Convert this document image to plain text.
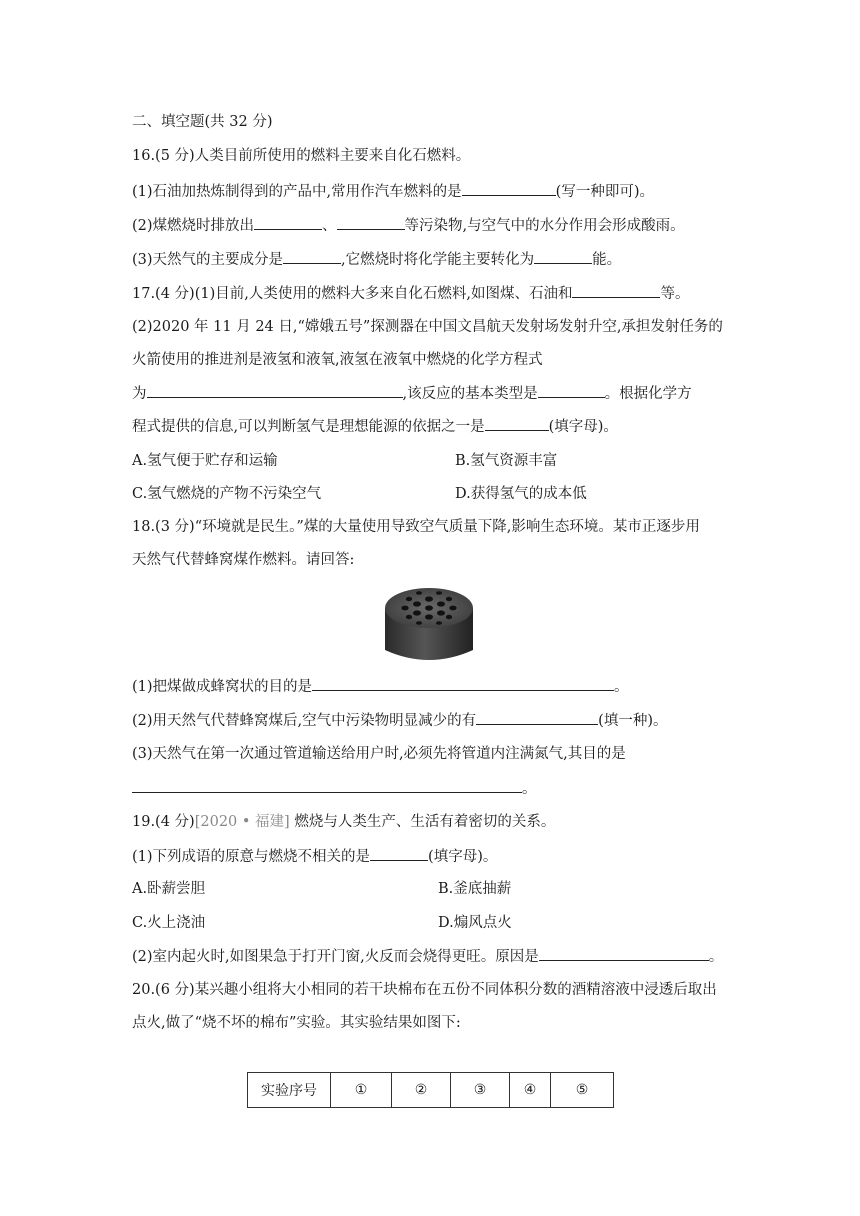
二、填空题(共 32 分)
16.(5 分)人类目前所使用的燃料主要来自化石燃料。
(1)石油加热炼制得到的产品中,常用作汽车燃料的是	(写一种即可)。
(2)煤燃烧时排放出	、	等污染物,与空气中的水分作用会形成酸雨。
(3)天然气的主要成分是	,它燃烧时将化学能主要转化为	能。
17.(4 分)(1)目前,人类使用的燃料大多来自化石燃料,如图煤、石油和	等。
(2)2020 年 11 月 24 日,“嫦娥五号”探测器在中国文昌航天发射场发射升空,承担发射任务的
火箭使用的推进剂是液氢和液氧,液氢在液氧中燃烧的化学方程式
为	,该反应的基本类型是	。根据化学方
程式提供的信息,可以判断氢气是理想能源的依据之一是	(填字母)。
A.氢气便于贮存和运输	B.氢气资源丰富
C.氢气燃烧的产物不污染空气	D.获得氢气的成本低
18.(3 分)“环境就是民生。”煤的大量使用导致空气质量下降,影响生态环境。某市正逐步用
天然气代替蜂窝煤作燃料。请回答:
(1)把煤做成蜂窝状的目的是	。
(2)用天然气代替蜂窝煤后,空气中污染物明显减少的有	(填一种)。
(3)天然气在第一次通过管道输送给用户时,必须先将管道内注满氮气,其目的是
。
19.(4 分)[2020 • 福建] 燃烧与人类生产、生活有着密切的关系。
(1)下列成语的原意与燃烧不相关的是	(填字母)。
A.卧薪尝胆	B.釜底抽薪
C.火上浇油	D.煽风点火
(2)室内起火时,如图果急于打开门窗,火反而会烧得更旺。原因是	。
20.(6 分)某兴趣小组将大小相同的若干块棉布在五份不同体积分数的酒精溶液中浸透后取出
点火,做了“烧不坏的棉布”实验。其实验结果如图下:
实验序号	①	②	③	④	⑤
